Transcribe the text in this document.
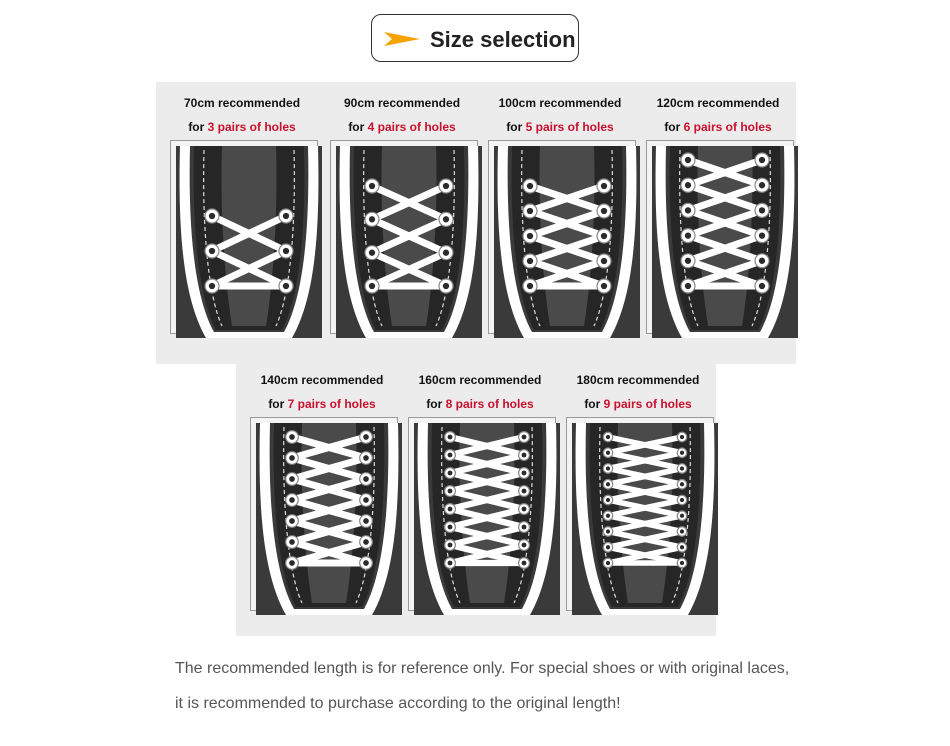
Size selection
70cm recommended
for 3 pairs of holes
90cm recommended
for 4 pairs of holes
100cm recommended
for 5 pairs of holes
120cm recommended
for 6 pairs of holes
140cm recommended
for 7 pairs of holes
160cm recommended
for 8 pairs of holes
180cm recommended
for 9 pairs of holes
The recommended length is for reference only. For special shoes or with original laces,
it is recommended to purchase according to the original length!
